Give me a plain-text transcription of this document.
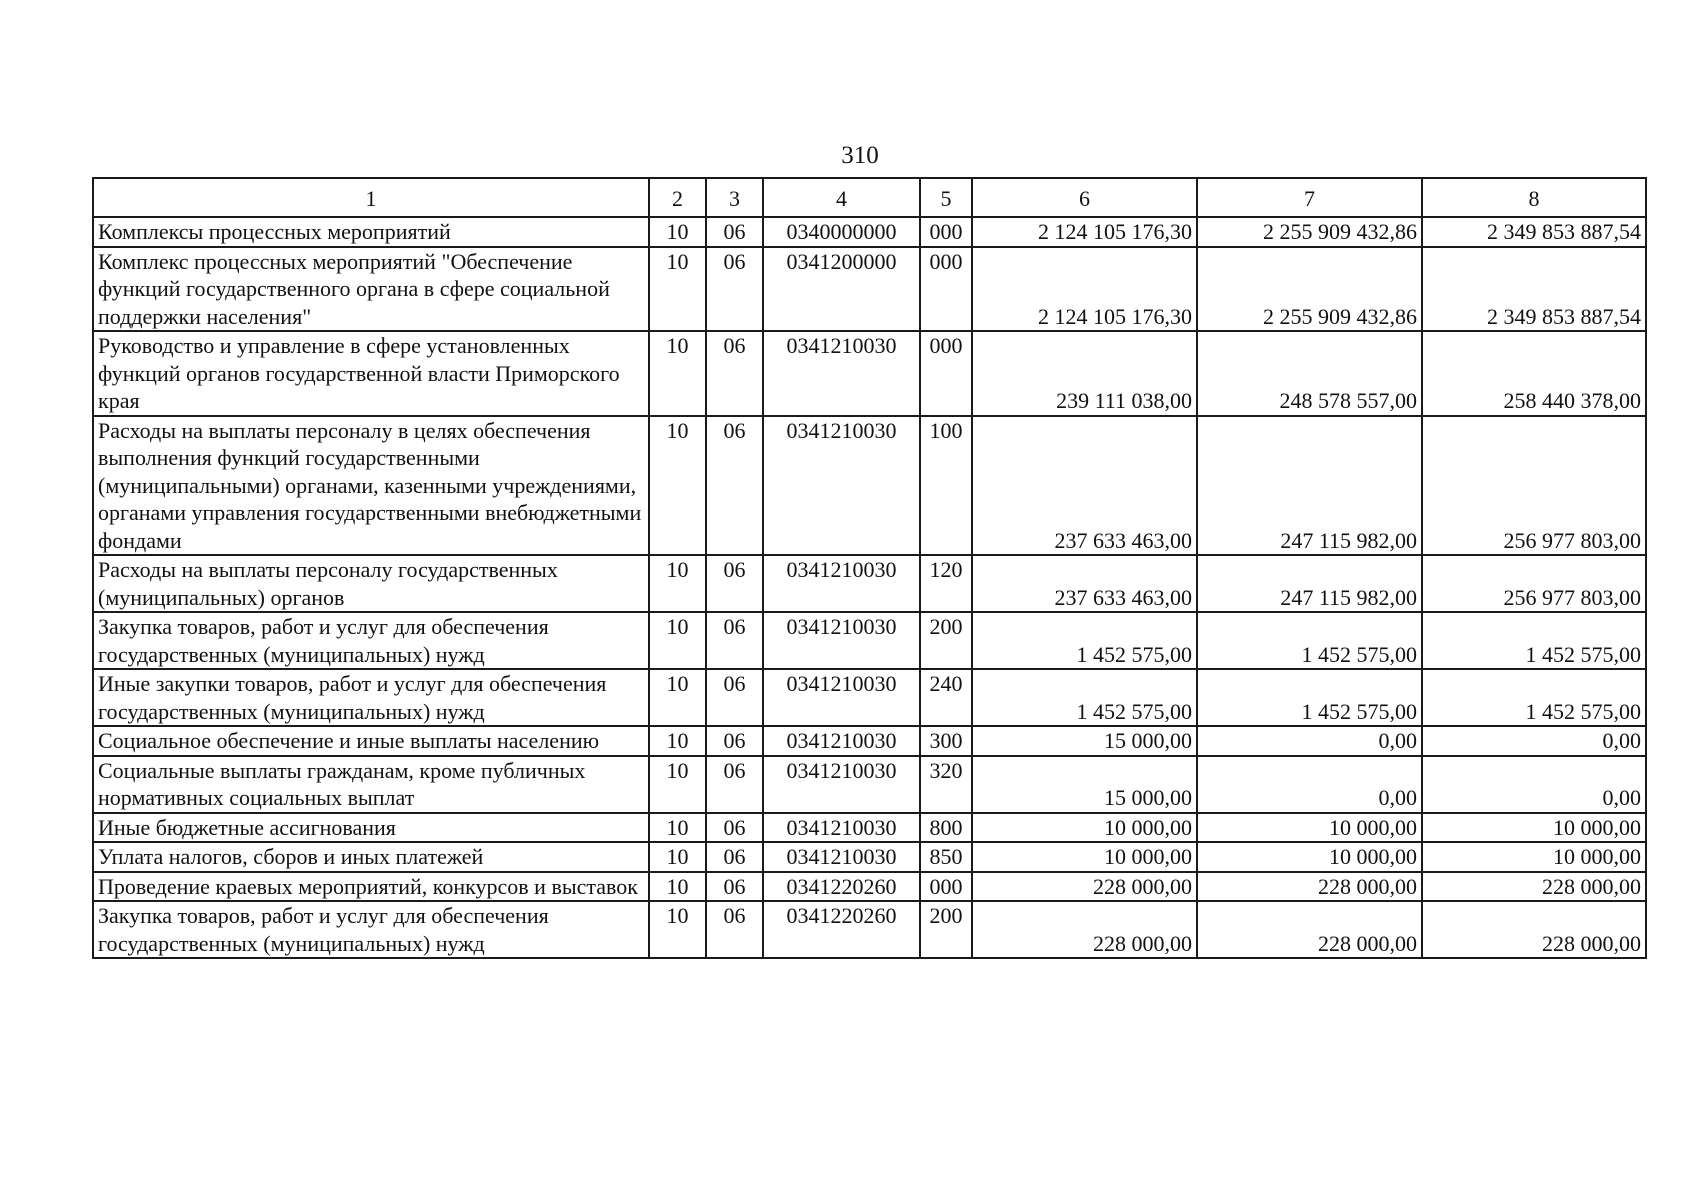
310
1	2	3	4	5	6	7	8
Комплексы процессных мероприятий	10	06	0340000000	000	2 124 105 176,30	2 255 909 432,86	2 349 853 887,54
Комплекс процессных мероприятий "Обеспечение функций государственного органа в сфере социальной поддержки населения"	10	06	0341200000	000	2 124 105 176,30	2 255 909 432,86	2 349 853 887,54
Руководство и управление в сфере установленных функций органов государственной власти Приморского края	10	06	0341210030	000	239 111 038,00	248 578 557,00	258 440 378,00
Расходы на выплаты персоналу в целях обеспечения выполнения функций государственными (муниципальными) органами, казенными учреждениями, органами управления государственными внебюджетными фондами	10	06	0341210030	100	237 633 463,00	247 115 982,00	256 977 803,00
Расходы на выплаты персоналу государственных (муниципальных) органов	10	06	0341210030	120	237 633 463,00	247 115 982,00	256 977 803,00
Закупка товаров, работ и услуг для обеспечения государственных (муниципальных) нужд	10	06	0341210030	200	1 452 575,00	1 452 575,00	1 452 575,00
Иные закупки товаров, работ и услуг для обеспечения государственных (муниципальных) нужд	10	06	0341210030	240	1 452 575,00	1 452 575,00	1 452 575,00
Социальное обеспечение и иные выплаты населению	10	06	0341210030	300	15 000,00	0,00	0,00
Социальные выплаты гражданам, кроме публичных нормативных социальных выплат	10	06	0341210030	320	15 000,00	0,00	0,00
Иные бюджетные ассигнования	10	06	0341210030	800	10 000,00	10 000,00	10 000,00
Уплата налогов, сборов и иных платежей	10	06	0341210030	850	10 000,00	10 000,00	10 000,00
Проведение краевых мероприятий, конкурсов и выставок	10	06	0341220260	000	228 000,00	228 000,00	228 000,00
Закупка товаров, работ и услуг для обеспечения государственных (муниципальных) нужд	10	06	0341220260	200	228 000,00	228 000,00	228 000,00
